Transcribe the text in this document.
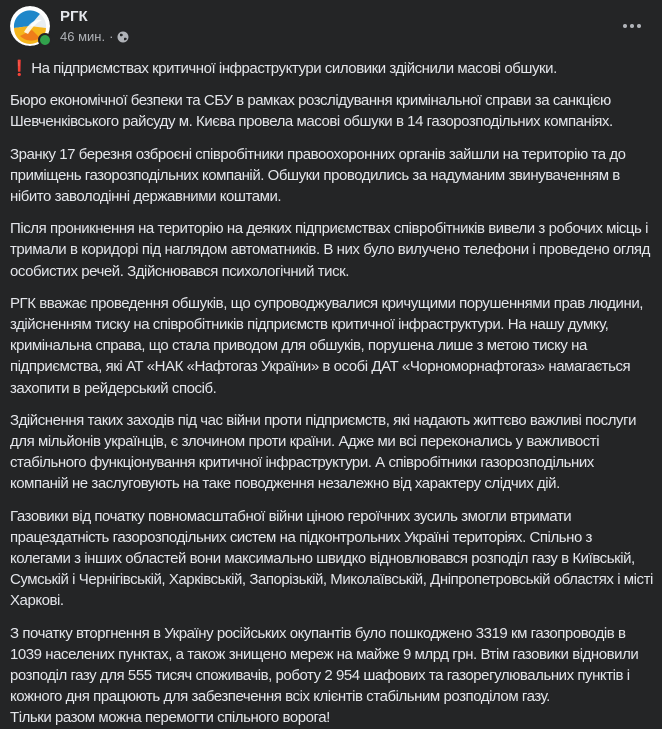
РГК
46 мин. ·

❗ На підприємствах критичної інфраструктури силовики здійснили масові обшуки.

Бюро економічної безпеки та СБУ в рамках розслідування кримінальної справи за санкцією Шевченківського райсуду м. Києва провела масові обшуки в 14 газорозподільних компаніях.

Зранку 17 березня озброєні співробітники правоохоронних органів зайшли на територію та до приміщень газорозподільних компаній. Обшуки проводились за надуманим звинуваченням в нібито заволодінні державними коштами.

Після проникнення на територію на деяких підприємствах співробітників вивели з робочих місць і тримали в коридорі під наглядом автоматників. В них було вилучено телефони і проведено огляд особистих речей. Здійснювався психологічний тиск.

РГК вважає проведення обшуків, що супроводжувалися кричущими порушеннями прав людини, здійсненням тиску на співробітників підприємств критичної інфраструктури. На нашу думку, кримінальна справа, що стала приводом для обшуків, порушена лише з метою тиску на підприємства, які АТ «НАК «Нафтогаз України» в особі ДАТ «Чорноморнафтогаз» намагається захопити в рейдерський спосіб.

Здійснення таких заходів під час війни проти підприємств, які надають життєво важливі послуги для мільйонів українців, є злочином проти країни. Адже ми всі переконались у важливості стабільного функціонування критичної інфраструктури. А співробітники газорозподільних компаній не заслуговують на таке поводження незалежно від характеру слідчих дій.

Газовики від початку повномасштабної війни ціною героїчних зусиль змогли втримати працездатність газорозподільних систем на підконтрольних Україні територіях. Спільно з колегами з інших областей вони максимально швидко відновлювався розподіл газу в Київській, Сумській і Чернігівській, Харківській, Запорізькій, Миколаївській, Дніпропетровській областях і місті Харкові.

З початку вторгнення в Україну російських окупантів було пошкоджено 3319 км газопроводів в 1039 населених пунктах, а також знищено мереж на майже 9 млрд грн. Втім газовики відновили розподіл газу для 555 тисяч споживачів, роботу 2 954 шафових та газорегулювальних пунктів і кожного дня працюють для забезпечення всіх клієнтів стабільним розподілом газу.

Тільки разом можна перемогти спільного ворога!
